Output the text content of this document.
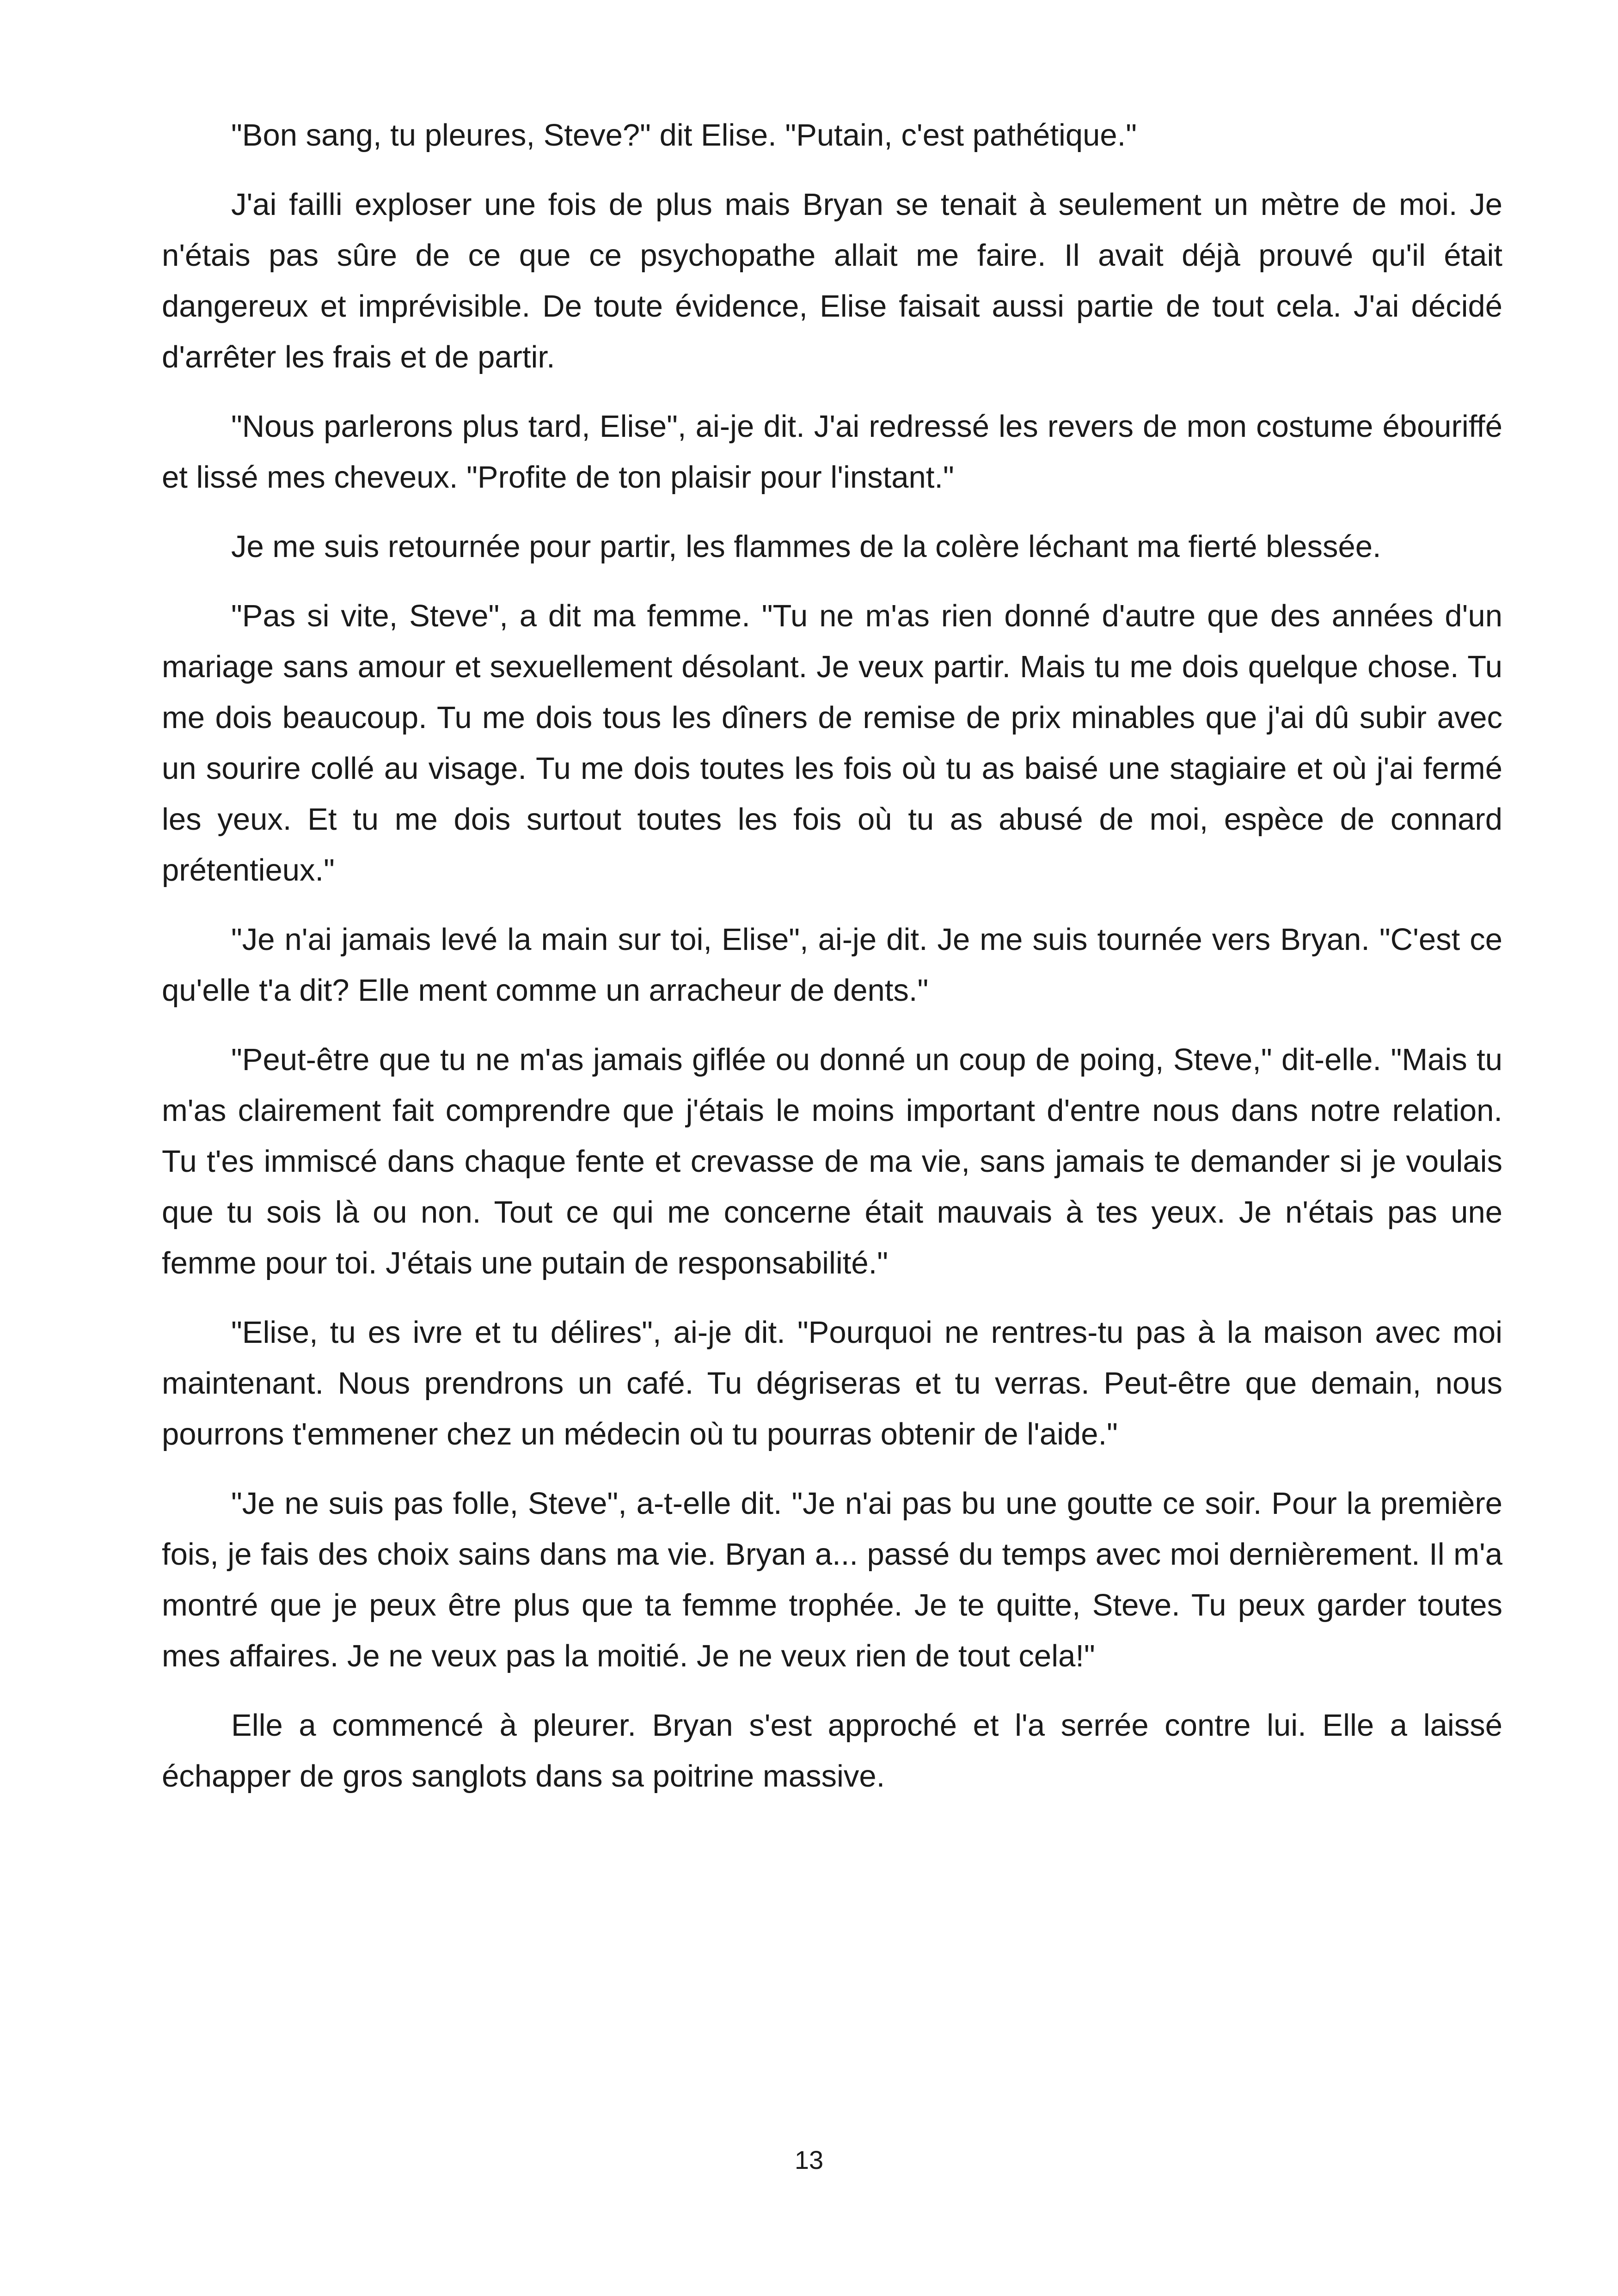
"Bon sang, tu pleures, Steve?" dit Elise. "Putain, c'est pathétique."

J'ai failli exploser une fois de plus mais Bryan se tenait à seulement un mètre de moi. Je n'étais pas sûre de ce que ce psychopathe allait me faire. Il avait déjà prouvé qu'il était dangereux et imprévisible. De toute évidence, Elise faisait aussi partie de tout cela. J'ai décidé d'arrêter les frais et de partir.

"Nous parlerons plus tard, Elise", ai-je dit. J'ai redressé les revers de mon costume ébouriffé et lissé mes cheveux. "Profite de ton plaisir pour l'instant."

Je me suis retournée pour partir, les flammes de la colère léchant ma fierté blessée.

"Pas si vite, Steve", a dit ma femme. "Tu ne m'as rien donné d'autre que des années d'un mariage sans amour et sexuellement désolant. Je veux partir. Mais tu me dois quelque chose. Tu me dois beaucoup. Tu me dois tous les dîners de remise de prix minables que j'ai dû subir avec un sourire collé au visage. Tu me dois toutes les fois où tu as baisé une stagiaire et où j'ai fermé les yeux. Et tu me dois surtout toutes les fois où tu as abusé de moi, espèce de connard prétentieux."

"Je n'ai jamais levé la main sur toi, Elise", ai-je dit. Je me suis tournée vers Bryan. "C'est ce qu'elle t'a dit? Elle ment comme un arracheur de dents."

"Peut-être que tu ne m'as jamais giflée ou donné un coup de poing, Steve," dit-elle. "Mais tu m'as clairement fait comprendre que j'étais le moins important d'entre nous dans notre relation. Tu t'es immiscé dans chaque fente et crevasse de ma vie, sans jamais te demander si je voulais que tu sois là ou non. Tout ce qui me concerne était mauvais à tes yeux. Je n'étais pas une femme pour toi. J'étais une putain de responsabilité."

"Elise, tu es ivre et tu délires", ai-je dit. "Pourquoi ne rentres-tu pas à la maison avec moi maintenant. Nous prendrons un café. Tu dégriseras et tu verras. Peut-être que demain, nous pourrons t'emmener chez un médecin où tu pourras obtenir de l'aide."

"Je ne suis pas folle, Steve", a-t-elle dit. "Je n'ai pas bu une goutte ce soir. Pour la première fois, je fais des choix sains dans ma vie. Bryan a... passé du temps avec moi dernièrement. Il m'a montré que je peux être plus que ta femme trophée. Je te quitte, Steve. Tu peux garder toutes mes affaires. Je ne veux pas la moitié. Je ne veux rien de tout cela!"

Elle a commencé à pleurer. Bryan s'est approché et l'a serrée contre lui. Elle a laissé échapper de gros sanglots dans sa poitrine massive.

13
